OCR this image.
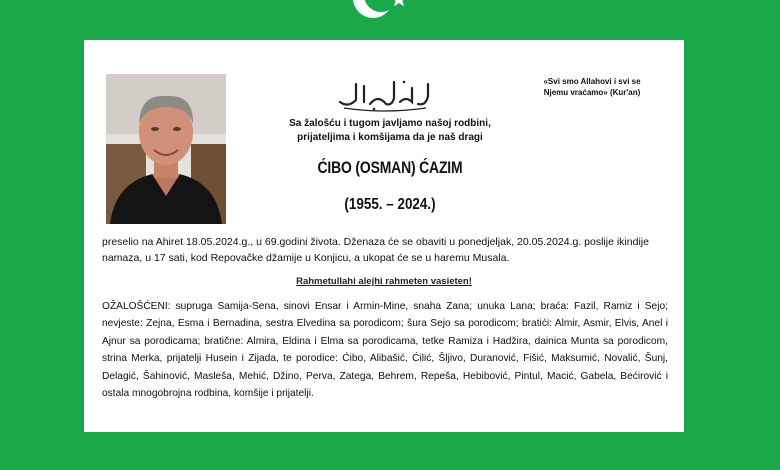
«Svi smo Allahovi i svi se
Njemu vraćamo» (Kur'an)
Sa žalošću i tugom javljamo našoj rodbini,
prijateljima i komšijama da je naš dragi
ĆIBO (OSMAN) ĆAZIM
(1955. – 2024.)
preselio na Ahiret 18.05.2024.g., u 69.godini života. Dženaza će se obaviti u ponedjeljak, 20.05.2024.g. poslije ikindije namaza, u 17 sati, kod Repovačke džamije u Konjicu, a ukopat će se u haremu Musala.
Rahmetullahi alejhi rahmeten vasieten!
OŽALOŠĆENI: supruga Samija-Sena, sinovi Ensar i Armin-Mine, snaha Zana; unuka Lana; braća: Fazil, Ramiz i Sejo; nevjeste: Zejna, Esma i Bernadina, sestra Elvedina sa porodicom; šura Sejo sa porodicom; bratići: Almir, Asmir, Elvis, Anel i Ajnur sa porodicama; bratične: Almira, Eldina i Elma sa porodicama, tetke Ramiza i Hadžira, dainica Munta sa porodicom, strina Merka, prijatelji Husein i Zijada, te porodice: Ćibo, Alibašić, Ćilić, Šljivo, Duranović, Fišić, Maksumić, Novalić, Šunj, Delagić, Šahinović, Masleša, Mehić, Džino, Perva, Zatega, Behrem, Repeša, Hebibović, Pintul, Macić, Gabela, Bećirović i ostala mnogobrojna rodbina, komšije i prijatelji.
